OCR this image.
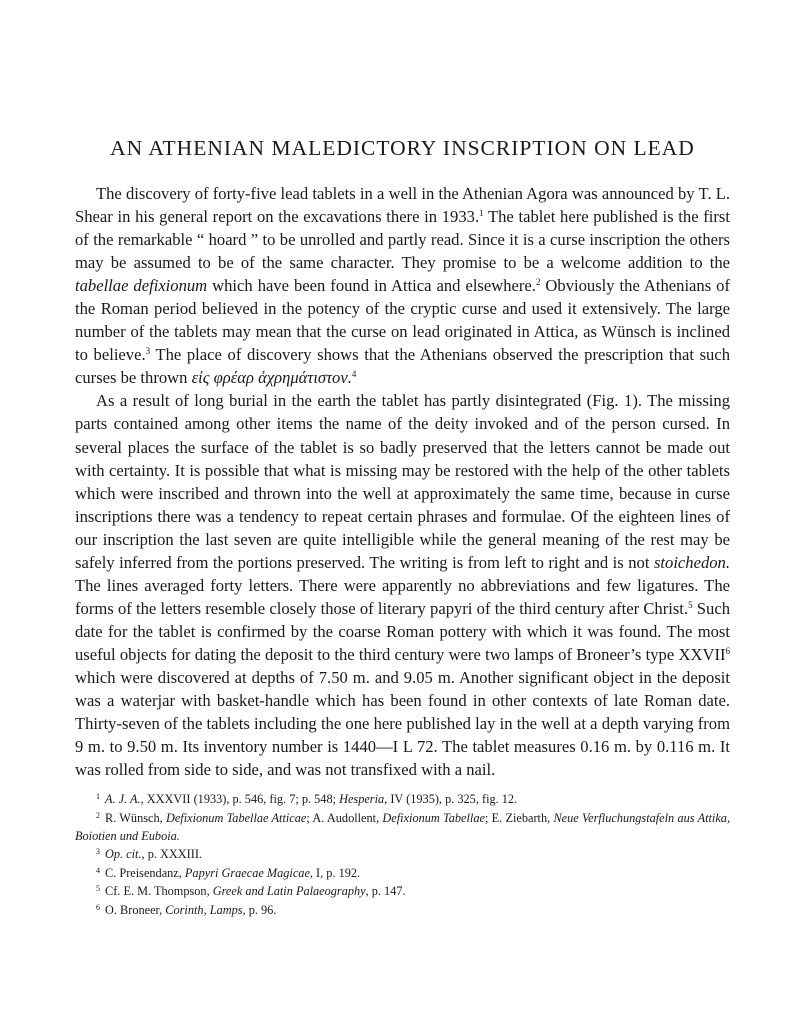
AN ATHENIAN MALEDICTORY INSCRIPTION ON LEAD

The discovery of forty-five lead tablets in a well in the Athenian Agora was announced by T. L. Shear in his general report on the excavations there in 1933.$^1$ The tablet here published is the first of the remarkable “ hoard ” to be unrolled and partly read. Since it is a curse inscription the others may be assumed to be of the same character. They promise to be a welcome addition to the tabellae defixionum which have been found in Attica and elsewhere.$^2$ Obviously the Athenians of the Roman period believed in the potency of the cryptic curse and used it extensively. The large number of the tablets may mean that the curse on lead originated in Attica, as Wünsch is inclined to believe.$^3$ The place of discovery shows that the Athenians observed the prescription that such curses be thrown εἰς φρέαρ ἀχρημάτιστον.$^4$

As a result of long burial in the earth the tablet has partly disintegrated (Fig. 1). The missing parts contained among other items the name of the deity invoked and of the person cursed. In several places the surface of the tablet is so badly preserved that the letters cannot be made out with certainty. It is possible that what is missing may be restored with the help of the other tablets which were inscribed and thrown into the well at approximately the same time, because in curse inscriptions there was a tendency to repeat certain phrases and formulae. Of the eighteen lines of our inscription the last seven are quite intelligible while the general meaning of the rest may be safely inferred from the portions preserved. The writing is from left to right and is not stoichedon. The lines averaged forty letters. There were apparently no abbreviations and few ligatures. The forms of the letters resemble closely those of literary papyri of the third century after Christ.$^5$ Such date for the tablet is confirmed by the coarse Roman pottery with which it was found. The most useful objects for dating the deposit to the third century were two lamps of Broneer’s type XXVII$^6$ which were discovered at depths of 7.50 m. and 9.05 m. Another significant object in the deposit was a waterjar with basket-handle which has been found in other contexts of late Roman date. Thirty-seven of the tablets including the one here published lay in the well at a depth varying from 9 m. to 9.50 m. Its inventory number is 1440—I L 72. The tablet measures 0.16 m. by 0.116 m. It was rolled from side to side, and was not transfixed with a nail.

$^1$ A. J. A., XXXVII (1933), p. 546, fig. 7; p. 548; Hesperia, IV (1935), p. 325, fig. 12.

$^2$ R. Wünsch, Defixionum Tabellae Atticae; A. Audollent, Defixionum Tabellae; E. Ziebarth, Neue Verfluchungstafeln aus Attika, Boiotien und Euboia.

$^3$ Op. cit., p. XXXIII.

$^4$ C. Preisendanz, Papyri Graecae Magicae, I, p. 192.

$^5$ Cf. E. M. Thompson, Greek and Latin Palaeography, p. 147.

$^6$ O. Broneer, Corinth, Lamps, p. 96.
